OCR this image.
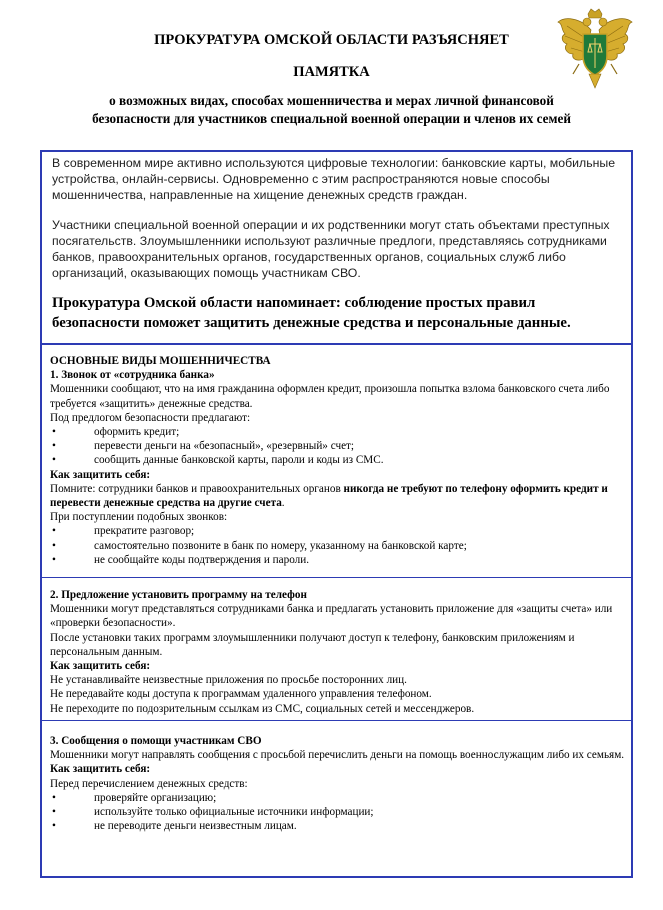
ПРОКУРАТУРА ОМСКОЙ ОБЛАСТИ РАЗЪЯСНЯЕТ
ПАМЯТКА
о возможных видах, способах мошенничества и мерах личной финансовой
безопасности для участников специальной военной операции и членов их семей

В современном мире активно используются цифровые технологии: банковские карты, мобильные устройства, онлайн-сервисы. Одновременно с этим распространяются новые способы мошенничества, направленные на хищение денежных средств граждан.

Участники специальной военной операции и их родственники могут стать объектами преступных посягательств. Злоумышленники используют различные предлоги, представляясь сотрудниками банков, правоохранительных органов, государственных органов, социальных служб либо организаций, оказывающих помощь участникам СВО.

Прокуратура Омской области напоминает: соблюдение простых правил безопасности поможет защитить денежные средства и персональные данные.

ОСНОВНЫЕ ВИДЫ МОШЕННИЧЕСТВА

1. Звонок от «сотрудника банка»

Мошенники сообщают, что на имя гражданина оформлен кредит, произошла попытка взлома банковского счета либо требуется «защитить» денежные средства.

Под предлогом безопасности предлагают:

• оформить кредит;
• перевести деньги на «безопасный», «резервный» счет;
• сообщить данные банковской карты, пароли и коды из СМС.

Как защитить себя:

Помните: сотрудники банков и правоохранительных органов никогда не требуют по телефону оформить кредит и перевести денежные средства на другие счета.

При поступлении подобных звонков:

• прекратите разговор;
• самостоятельно позвоните в банк по номеру, указанному на банковской карте;
• не сообщайте коды подтверждения и пароли.

2. Предложение установить программу на телефон

Мошенники могут представляться сотрудниками банка и предлагать установить приложение для «защиты счета» или «проверки безопасности».

После установки таких программ злоумышленники получают доступ к телефону, банковским приложениям и персональным данным.

Как защитить себя:

Не устанавливайте неизвестные приложения по просьбе посторонних лиц.

Не передавайте коды доступа к программам удаленного управления телефоном.

Не переходите по подозрительным ссылкам из СМС, социальных сетей и мессенджеров.

3. Сообщения о помощи участникам СВО

Мошенники могут направлять сообщения с просьбой перечислить деньги на помощь военнослужащим либо их семьям.

Как защитить себя:

Перед перечислением денежных средств:

• проверяйте организацию;
• используйте только официальные источники информации;
• не переводите деньги неизвестным лицам.
